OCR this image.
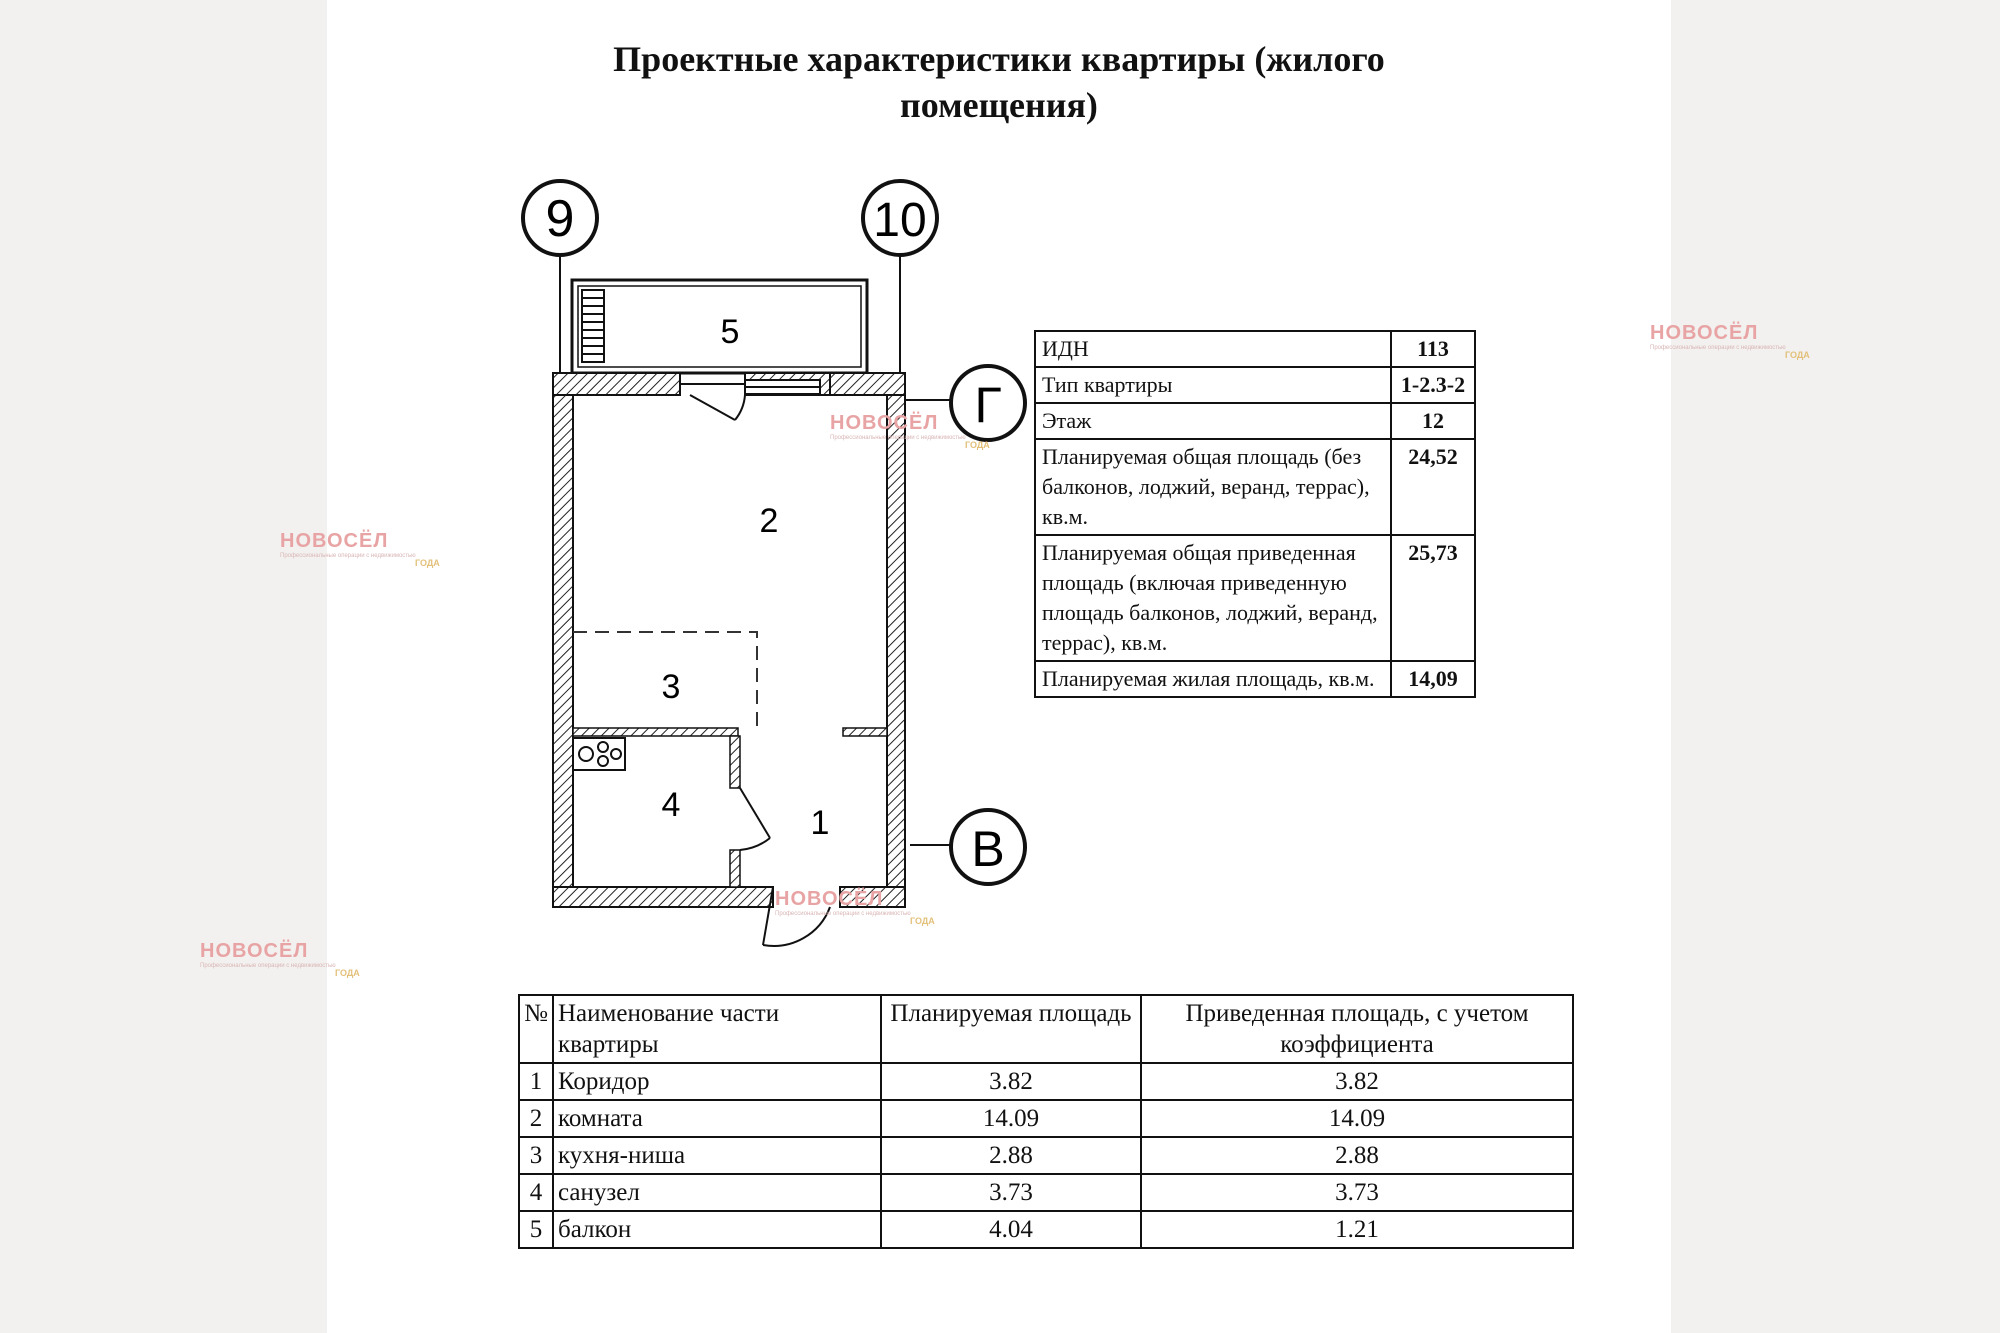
Проектные характеристики квартиры (жилого
помещения)
9	10
Г
В
5
2
3
4	1
ИДН	113
Тип квартиры	1-2.3-2
Этаж	12
Планируемая общая площадь (без балконов, лоджий, веранд, террас), кв.м.	24,52
Планируемая общая приведенная площадь (включая приведенную площадь балконов, лоджий, веранд, террас), кв.м.	25,73
Планируемая жилая площадь, кв.м.	14,09
№	Наименование части квартиры	Планируемая площадь	Приведенная площадь, с учетом коэффициента
1	Коридор	3.82	3.82
2	комната	14.09	14.09
3	кухня-ниша	2.88	2.88
4	санузел	3.73	3.73
5	балкон	4.04	1.21
НОВОСЁЛ
Профессиональные операции с недвижимостью
ГОДА
НОВОСЁЛ
Профессиональные операции с недвижимостью
ГОДА
НОВОСЁЛ
Профессиональные операции с недвижимостью
ГОДА
НОВОСЁЛ
Профессиональные операции с недвижимостью
ГОДА
НОВОСЁЛ
Профессиональные операции с недвижимостью
ГОДА
